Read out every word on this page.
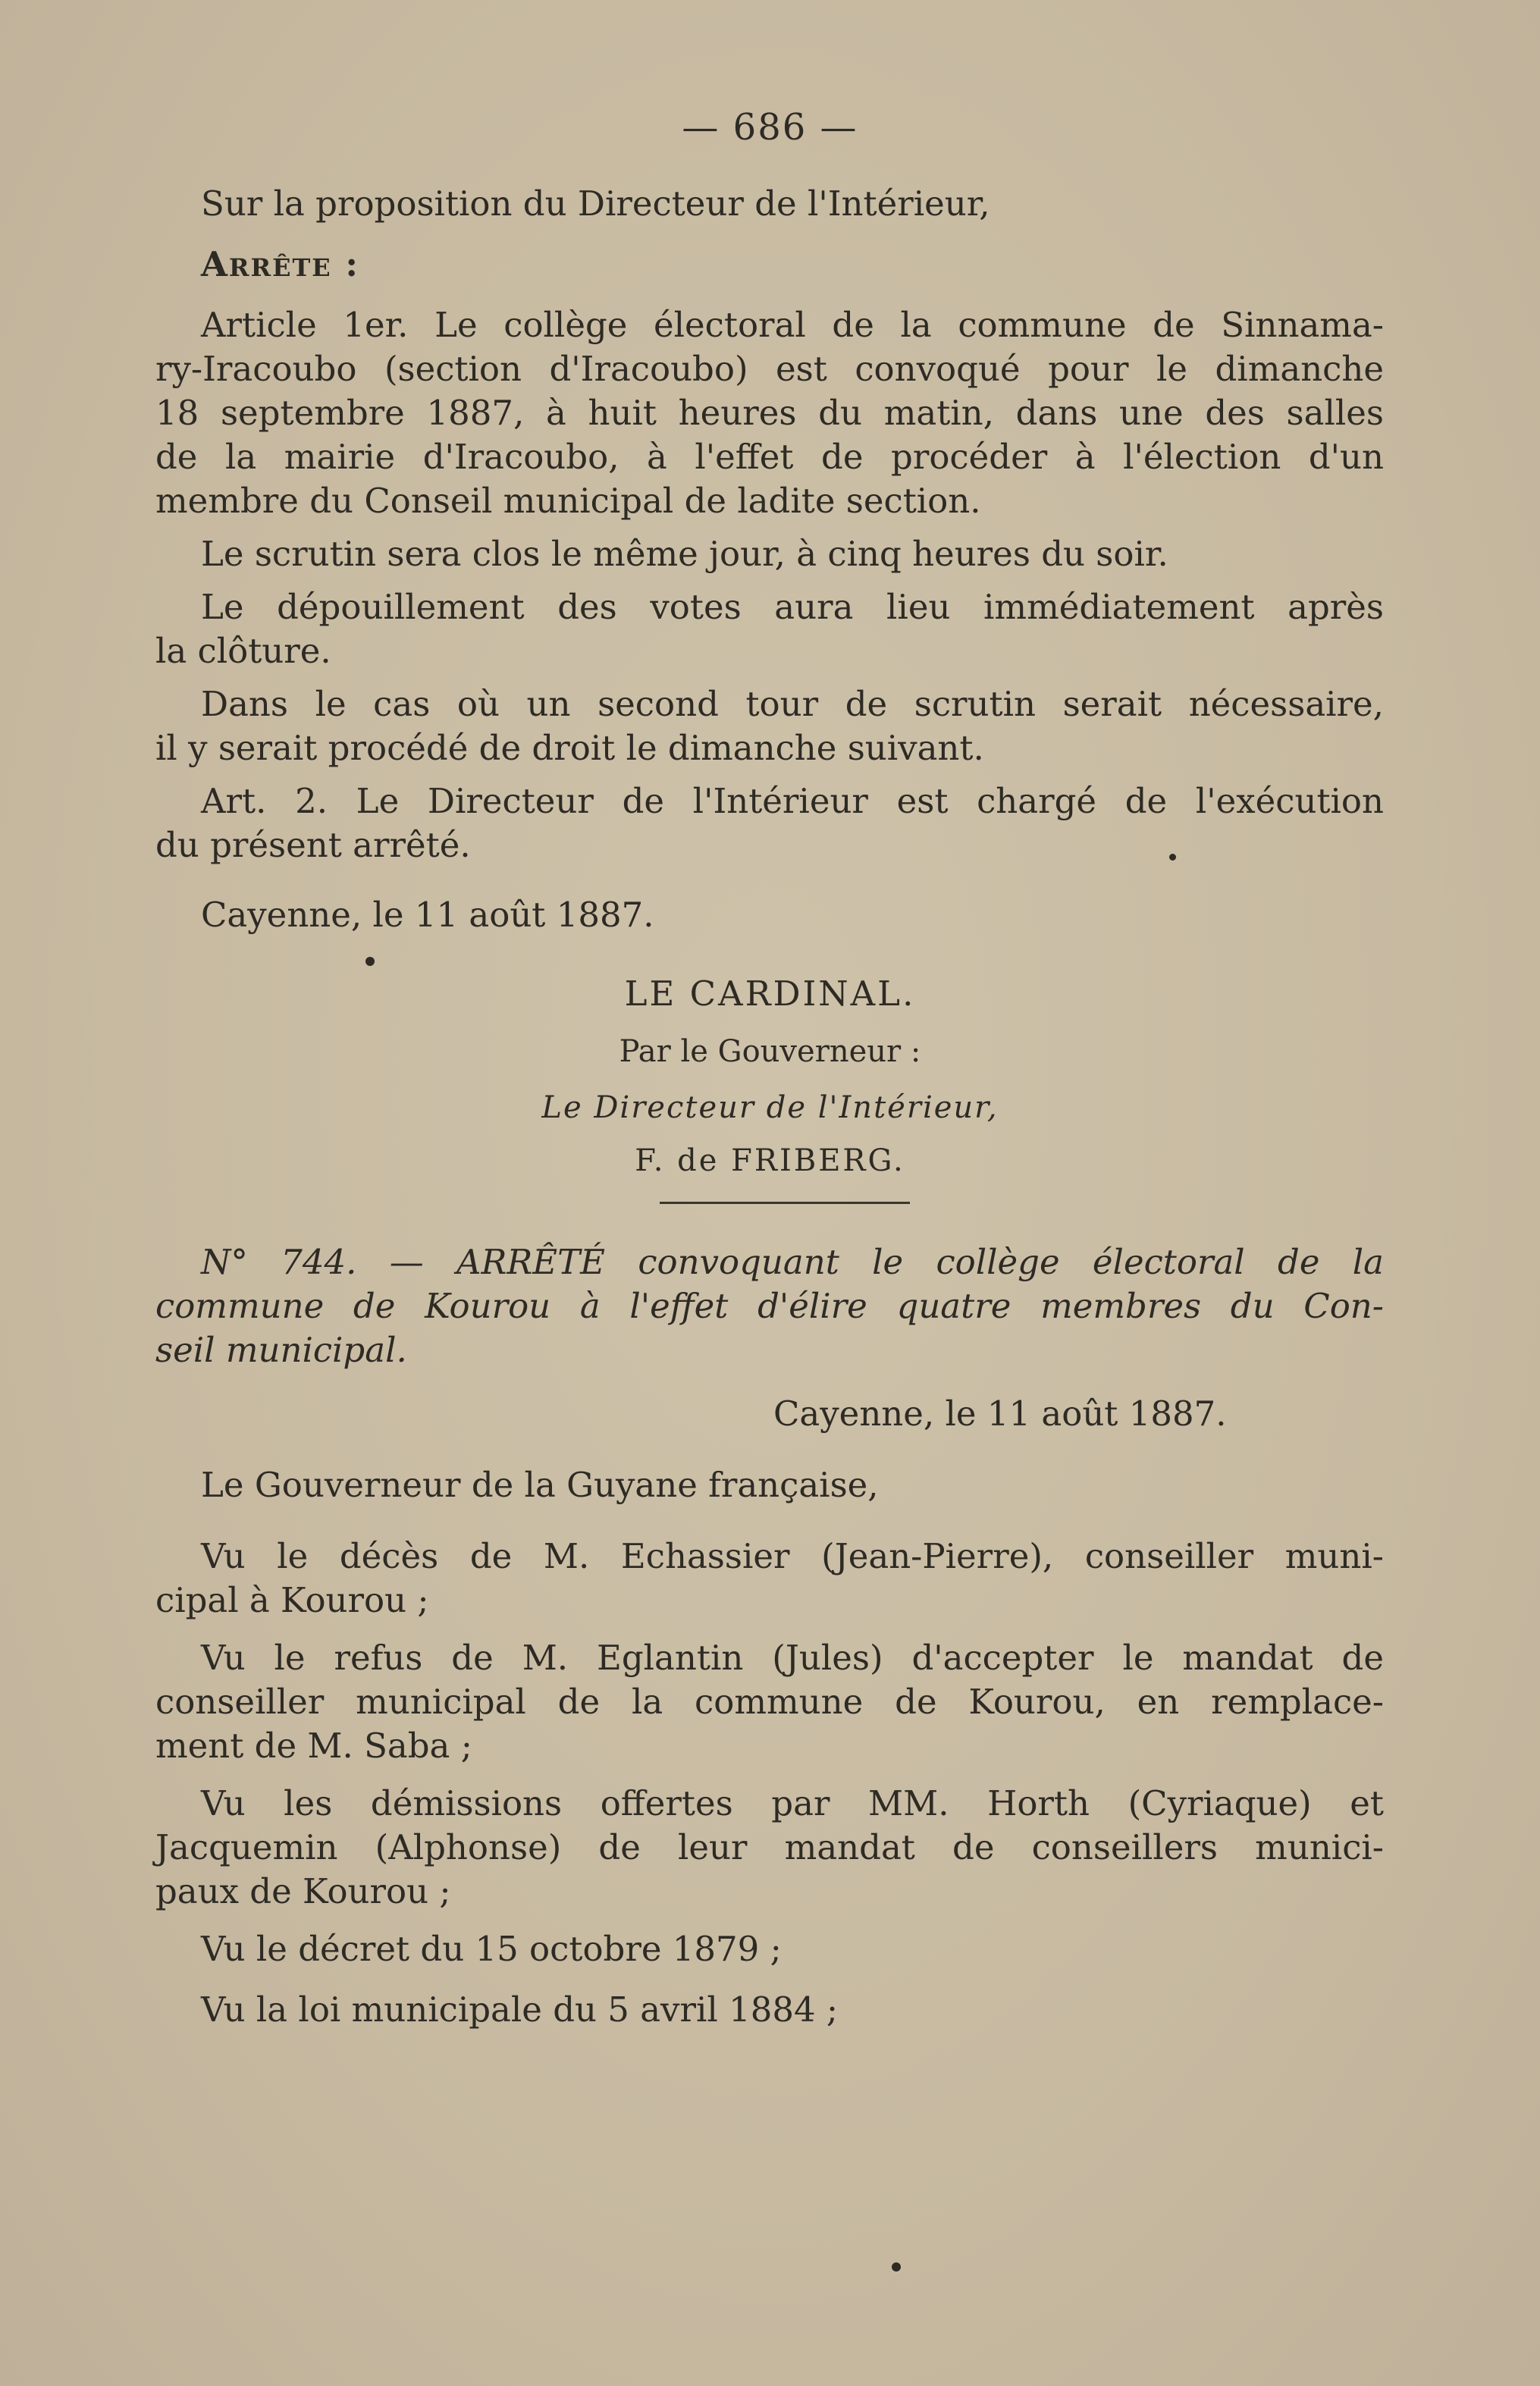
— 686 —
Sur la proposition du Directeur de l'Intérieur,
Arrête :
Article 1er. Le collège électoral de la commune de Sinnama-
ry-Iracoubo (section d'Iracoubo) est convoqué pour le dimanche
18 septembre 1887, à huit heures du matin, dans une des salles
de la mairie d'Iracoubo, à l'effet de procéder à l'élection d'un
membre du Conseil municipal de ladite section.
Le scrutin sera clos le même jour, à cinq heures du soir.
Le dépouillement des votes aura lieu immédiatement après
la clôture.
Dans le cas où un second tour de scrutin serait nécessaire,
il y serait procédé de droit le dimanche suivant.
Art. 2. Le Directeur de l'Intérieur est chargé de l'exécution
du présent arrêté.
Cayenne, le 11 août 1887.
LE CARDINAL.
Par le Gouverneur :
Le Directeur de l'Intérieur,
F. de FRIBERG.
N° 744. — ARRÊTÉ convoquant le collège électoral de la
commune de Kourou à l'effet d'élire quatre membres du Con-
seil municipal.
Cayenne, le 11 août 1887.
Le Gouverneur de la Guyane française,
Vu le décès de M. Echassier (Jean-Pierre), conseiller muni-
cipal à Kourou ;
Vu le refus de M. Eglantin (Jules) d'accepter le mandat de
conseiller municipal de la commune de Kourou, en remplace-
ment de M. Saba ;
Vu les démissions offertes par MM. Horth (Cyriaque) et
Jacquemin (Alphonse) de leur mandat de conseillers munici-
paux de Kourou ;
Vu le décret du 15 octobre 1879 ;
Vu la loi municipale du 5 avril 1884 ;
